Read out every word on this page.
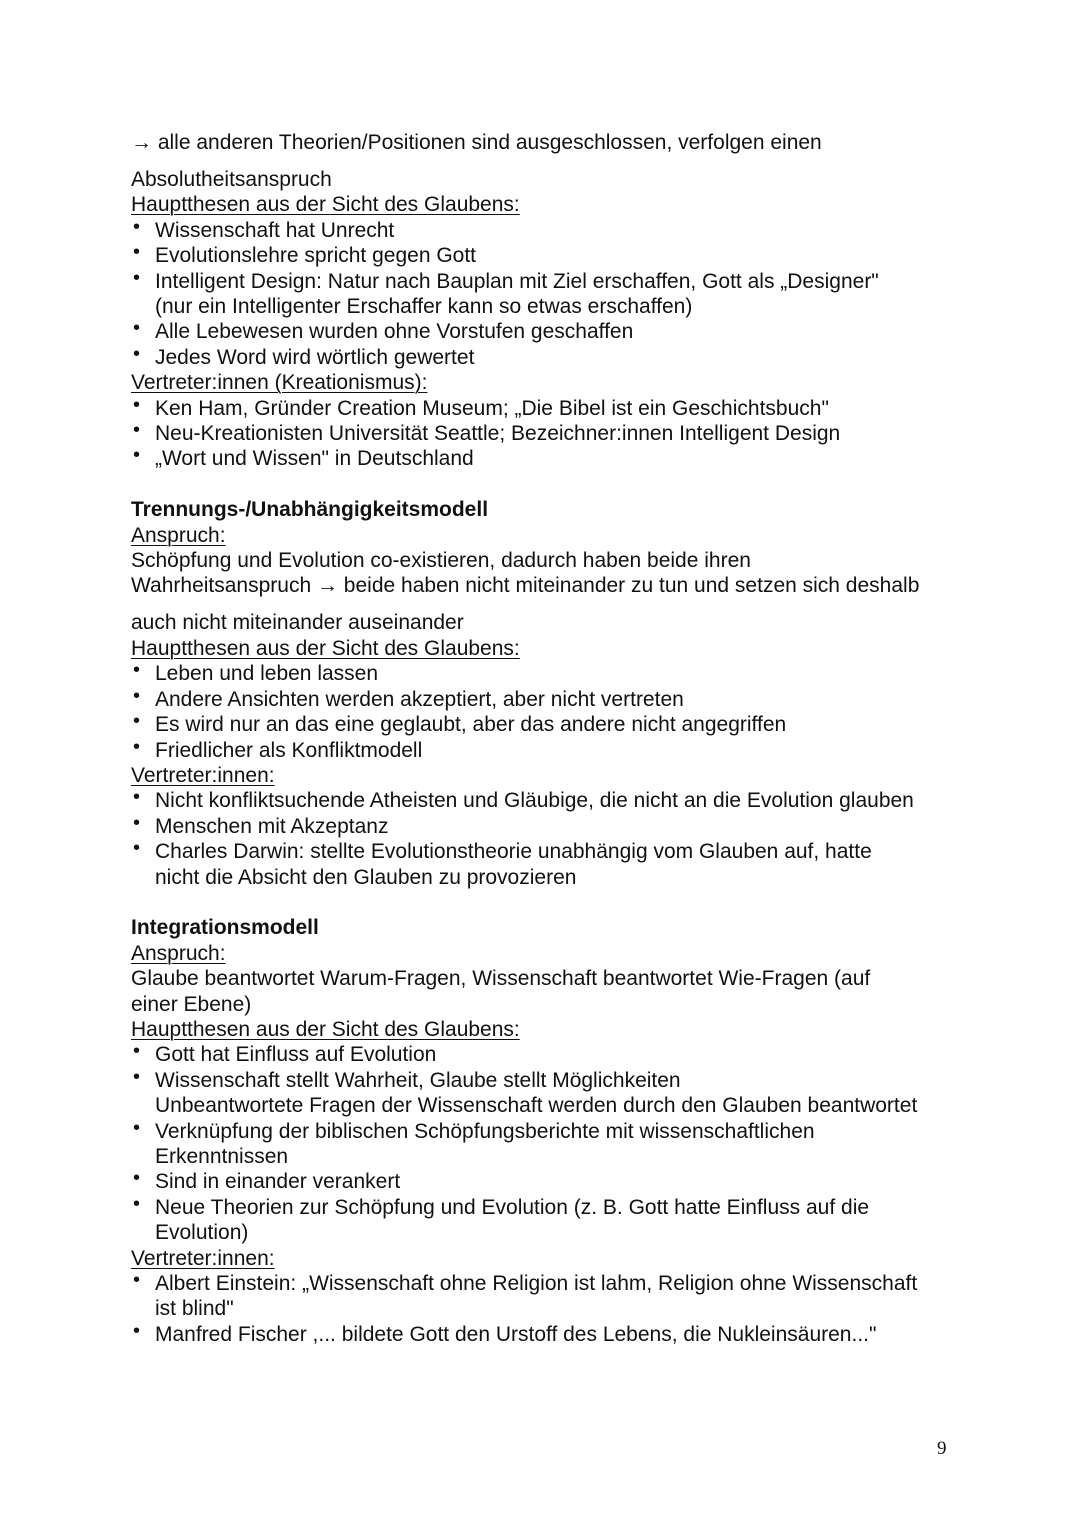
→ alle anderen Theorien/Positionen sind ausgeschlossen, verfolgen einen
Absolutheitsanspruch
Hauptthesen aus der Sicht des Glaubens:
• Wissenschaft hat Unrecht
• Evolutionslehre spricht gegen Gott
• Intelligent Design: Natur nach Bauplan mit Ziel erschaffen, Gott als „Designer"
(nur ein Intelligenter Erschaffer kann so etwas erschaffen)
• Alle Lebewesen wurden ohne Vorstufen geschaffen
• Jedes Word wird wörtlich gewertet
Vertreter:innen (Kreationismus):
• Ken Ham, Gründer Creation Museum; „Die Bibel ist ein Geschichtsbuch"
• Neu-Kreationisten Universität Seattle; Bezeichner:innen Intelligent Design
• „Wort und Wissen" in Deutschland
Trennungs-/Unabhängigkeitsmodell
Anspruch:
Schöpfung und Evolution co-existieren, dadurch haben beide ihren
Wahrheitsanspruch → beide haben nicht miteinander zu tun und setzen sich deshalb
auch nicht miteinander auseinander
Hauptthesen aus der Sicht des Glaubens:
• Leben und leben lassen
• Andere Ansichten werden akzeptiert, aber nicht vertreten
• Es wird nur an das eine geglaubt, aber das andere nicht angegriffen
• Friedlicher als Konfliktmodell
Vertreter:innen:
• Nicht konfliktsuchende Atheisten und Gläubige, die nicht an die Evolution glauben
• Menschen mit Akzeptanz
• Charles Darwin: stellte Evolutionstheorie unabhängig vom Glauben auf, hatte
nicht die Absicht den Glauben zu provozieren
Integrationsmodell
Anspruch:
Glaube beantwortet Warum-Fragen, Wissenschaft beantwortet Wie-Fragen (auf
einer Ebene)
Hauptthesen aus der Sicht des Glaubens:
• Gott hat Einfluss auf Evolution
• Wissenschaft stellt Wahrheit, Glaube stellt Möglichkeiten
Unbeantwortete Fragen der Wissenschaft werden durch den Glauben beantwortet
• Verknüpfung der biblischen Schöpfungsberichte mit wissenschaftlichen
Erkenntnissen
• Sind in einander verankert
• Neue Theorien zur Schöpfung und Evolution (z. B. Gott hatte Einfluss auf die
Evolution)
Vertreter:innen:
• Albert Einstein: „Wissenschaft ohne Religion ist lahm, Religion ohne Wissenschaft
ist blind"
• Manfred Fischer ,... bildete Gott den Urstoff des Lebens, die Nukleinsäuren..."
9
